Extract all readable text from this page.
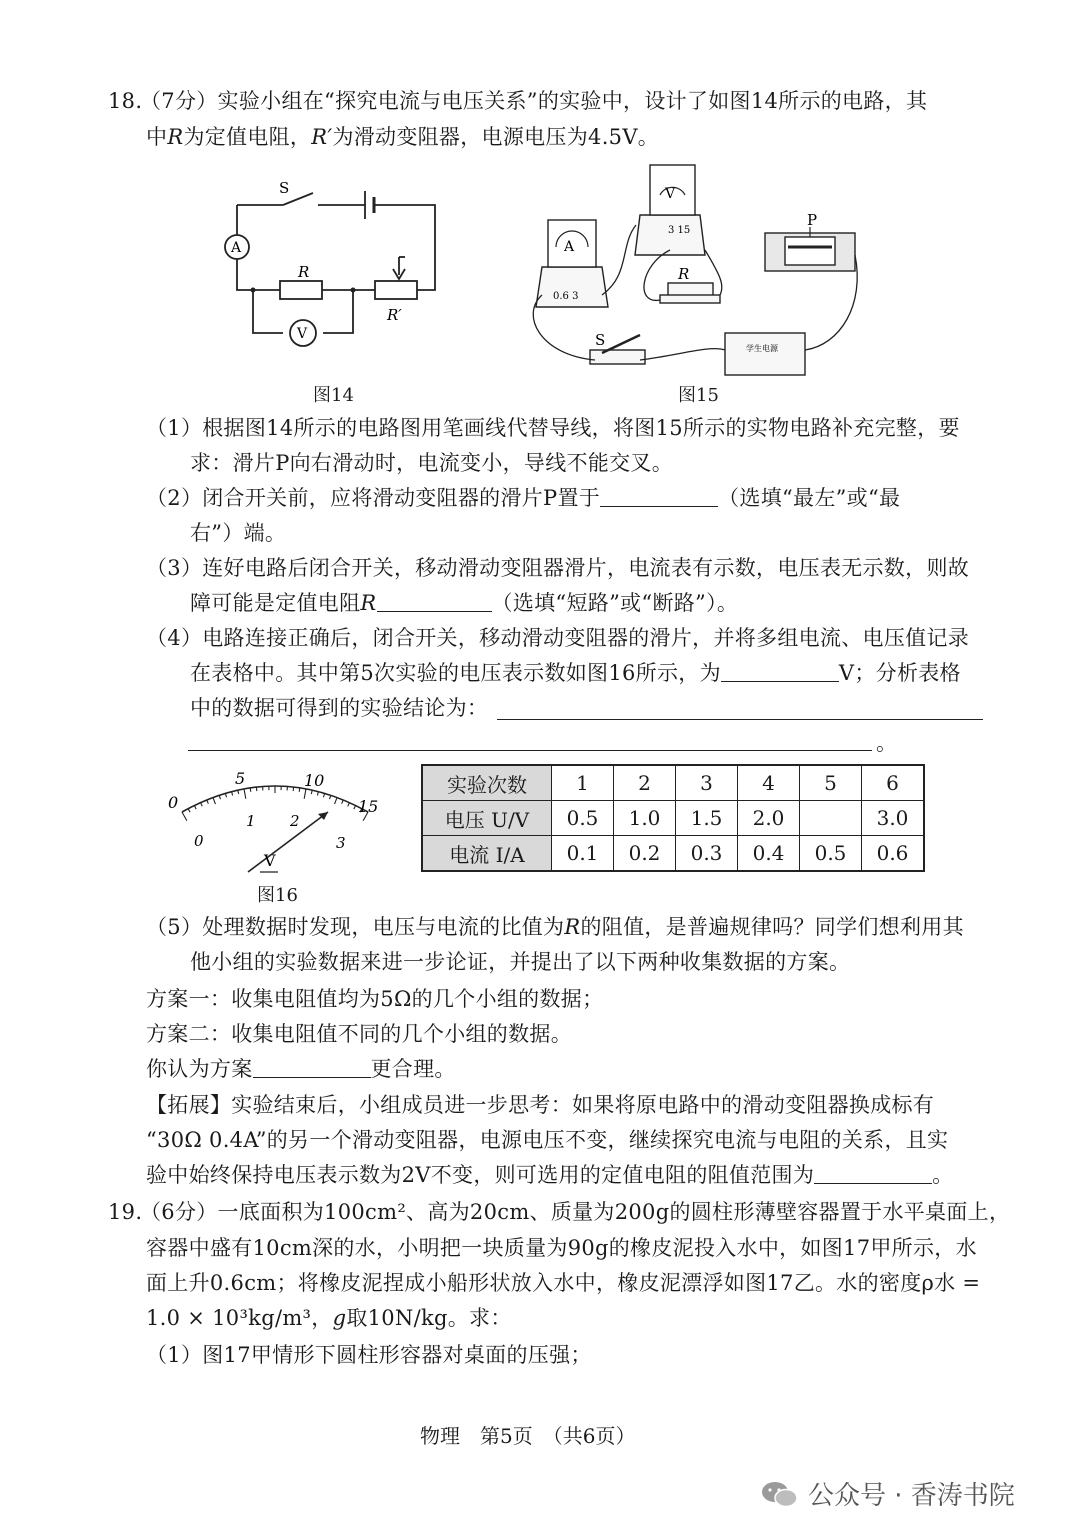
18.
（7分）实验小组在“探究电流与电压关系”的实验中，设计了如图14所示的电路，其
中R为定值电阻，R′为滑动变阻器，电源电压为4.5V。
S
A
R
V
R′
图14
V
A
0.6 3
3 15
R
P
S	学生电源
图15
（1）根据图14所示的电路图用笔画线代替导线，将图15所示的实物电路补充完整，要
求：滑片P向右滑动时，电流变小，导线不能交叉。
（2）闭合开关前，应将滑动变阻器的滑片P置于	（选填“最左”或“最
右”）端。
（3）连好电路后闭合开关，移动滑动变阻器滑片，电流表有示数，电压表无示数，则故
障可能是定值电阻R	（选填“短路”或“断路”）。
（4）电路连接正确后，闭合开关，移动滑动变阻器的滑片，并将多组电流、电压值记录
在表格中。其中第5次实验的电压表示数如图16所示，为	V；分析表格
中的数据可得到的实验结论为：
。
0
5	10
15
0
1 2
3
V
图16
实验次数	1	2	3	4	5	6
电压 U/V	0.5	1.0	1.5	2.0		3.0
电流 I/A	0.1	0.2	0.3	0.4	0.5	0.6
（5）处理数据时发现，电压与电流的比值为R的阻值，是普遍规律吗？同学们想利用其
他小组的实验数据来进一步论证，并提出了以下两种收集数据的方案。
方案一：收集电阻值均为5Ω的几个小组的数据；
方案二：收集电阻值不同的几个小组的数据。
你认为方案	更合理。
【拓展】实验结束后，小组成员进一步思考：如果将原电路中的滑动变阻器换成标有
“30Ω 0.4A”的另一个滑动变阻器，电源电压不变，继续探究电流与电阻的关系，且实
验中始终保持电压表示数为2V不变，则可选用的定值电阻的阻值范围为	。
19.
（6分）一底面积为100cm²、高为20cm、质量为200g的圆柱形薄壁容器置于水平桌面上，
容器中盛有10cm深的水，小明把一块质量为90g的橡皮泥投入水中，如图17甲所示，水
面上升0.6cm；将橡皮泥捏成小船形状放入水中，橡皮泥漂浮如图17乙。水的密度ρ水 =
1.0 × 10³kg/m³，g取10N/kg。求：
（1）图17甲情形下圆柱形容器对桌面的压强；
物理　第5页　（共6页）
公众号 · 香涛书院
